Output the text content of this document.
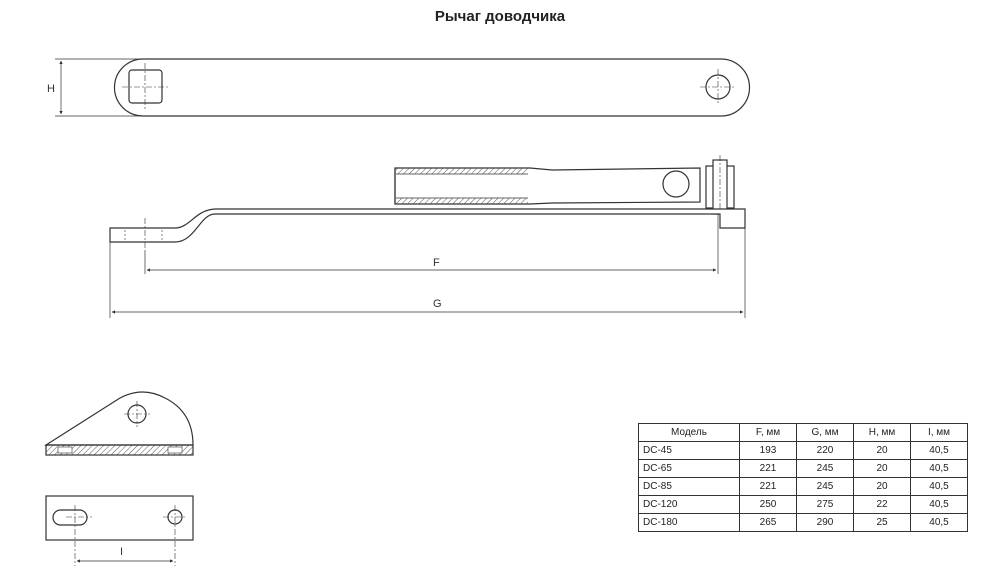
Рычаг доводчика
H
F
G
I
Модель	F, мм	G, мм	H, мм	I, мм
DC-45	193	220	20	40,5
DC-65	221	245	20	40,5
DC-85	221	245	20	40,5
DC-120	250	275	22	40,5
DC-180	265	290	25	40,5
